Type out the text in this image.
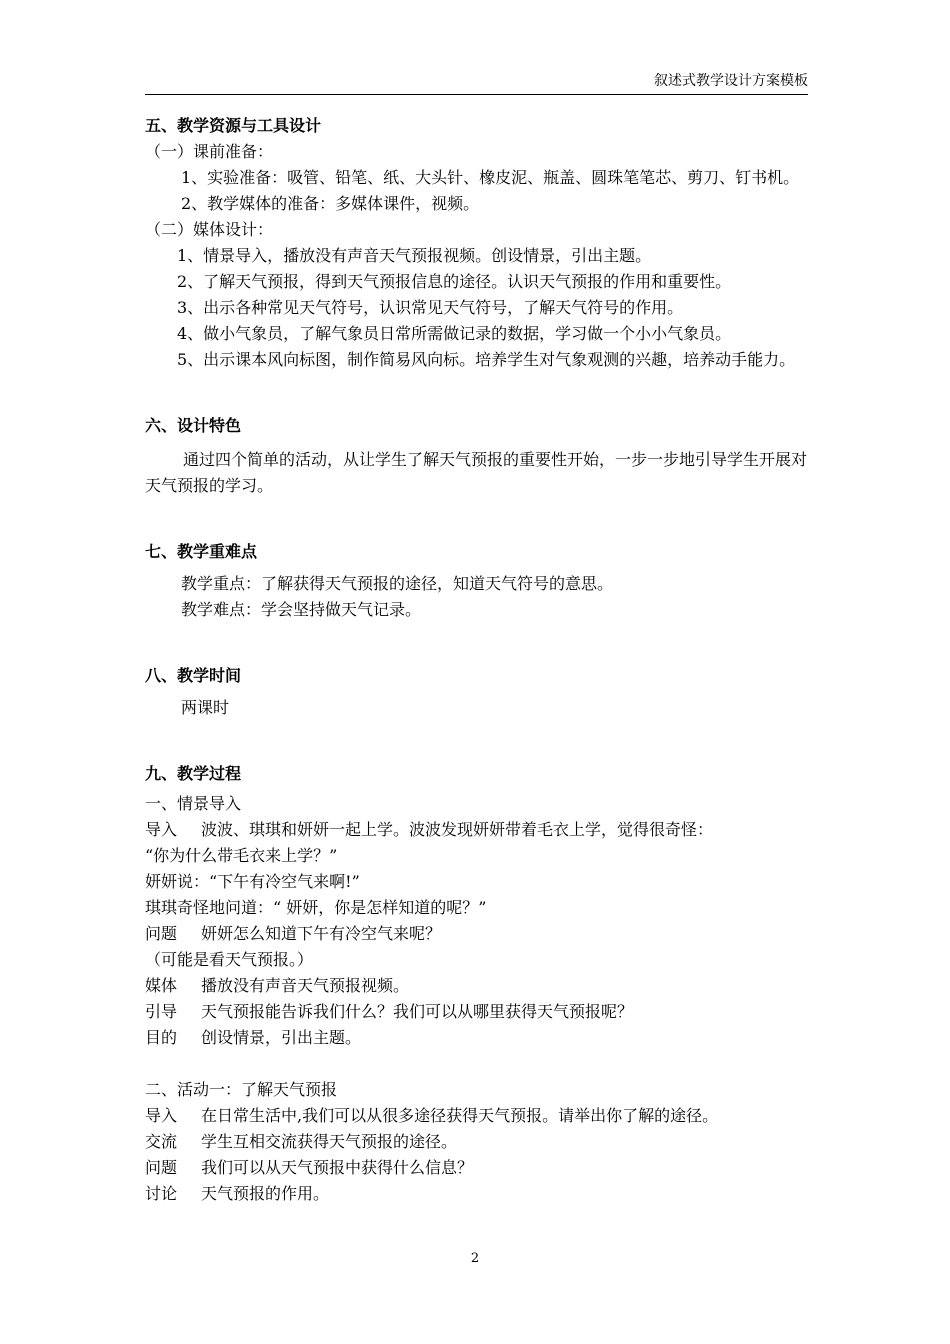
叙述式教学设计方案模板
五、教学资源与工具设计
（一）课前准备：
1、实验准备：吸管、铅笔、纸、大头针、橡皮泥、瓶盖、圆珠笔笔芯、剪刀、钉书机。
2、教学媒体的准备：多媒体课件，视频。
（二）媒体设计：
1、情景导入，播放没有声音天气预报视频。创设情景，引出主题。
2、了解天气预报，得到天气预报信息的途径。认识天气预报的作用和重要性。
3、出示各种常见天气符号，认识常见天气符号，了解天气符号的作用。
4、做小气象员，了解气象员日常所需做记录的数据，学习做一个小小气象员。
5、出示课本风向标图，制作简易风向标。培养学生对气象观测的兴趣，培养动手能力。
六、设计特色
通过四个简单的活动，从让学生了解天气预报的重要性开始，一步一步地引导学生开展对天气预报的学习。
七、教学重难点
教学重点：了解获得天气预报的途径，知道天气符号的意思。
教学难点：学会坚持做天气记录。
八、教学时间
两课时
九、教学过程
一、情景导入
导入 波波、琪琪和妍妍一起上学。波波发现妍妍带着毛衣上学，觉得很奇怪：
“你为什么带毛衣来上学？”
妍妍说：“下午有冷空气来啊!”
琪琪奇怪地问道：“ 妍妍，你是怎样知道的呢？”
问题 妍妍怎么知道下午有冷空气来呢？
（可能是看天气预报。）
媒体 播放没有声音天气预报视频。
引导 天气预报能告诉我们什么？我们可以从哪里获得天气预报呢？
目的 创设情景，引出主题。
二、活动一：了解天气预报
导入 在日常生活中,我们可以从很多途径获得天气预报。请举出你了解的途径。
交流 学生互相交流获得天气预报的途径。
问题 我们可以从天气预报中获得什么信息？
讨论 天气预报的作用。
2
